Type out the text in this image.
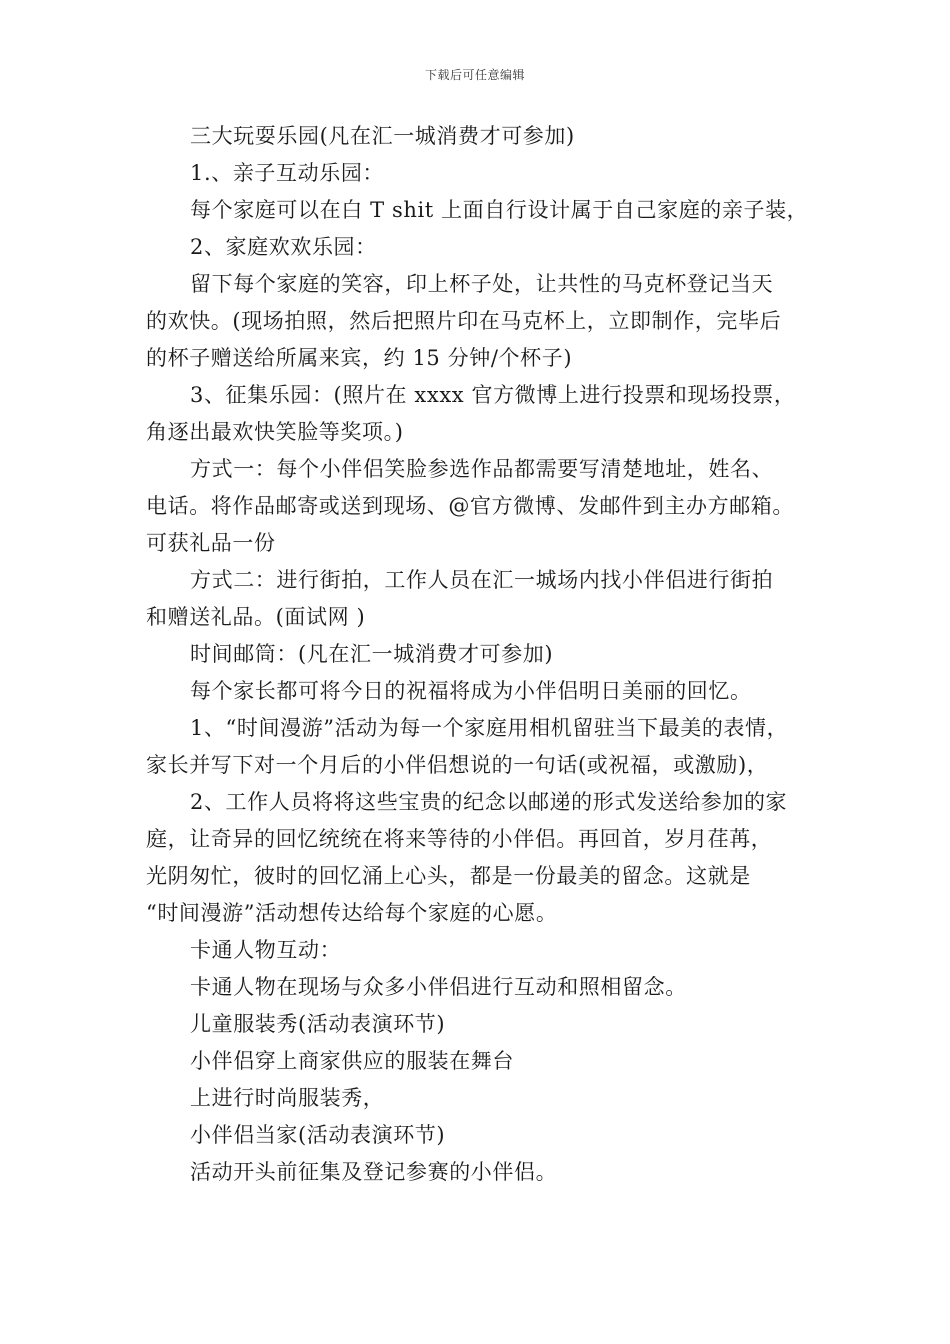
下载后可任意编辑

三大玩耍乐园(凡在汇一城消费才可参加)

1.、亲子互动乐园：

每个家庭可以在白 T shit 上面自行设计属于自己家庭的亲子装，

2、家庭欢欢乐园：

留下每个家庭的笑容，印上杯子处，让共性的马克杯登记当天

的欢快。(现场拍照，然后把照片印在马克杯上，立即制作，完毕后

的杯子赠送给所属来宾，约 15 分钟/个杯子)

3、征集乐园：(照片在 xxxx 官方微博上进行投票和现场投票，

角逐出最欢快笑脸等奖项。)

方式一：每个小伴侣笑脸参选作品都需要写清楚地址，姓名、

电话。将作品邮寄或送到现场、@官方微博、发邮件到主办方邮箱。

可获礼品一份

方式二：进行街拍，工作人员在汇一城场内找小伴侣进行街拍

和赠送礼品。(面试网 )

时间邮筒：(凡在汇一城消费才可参加)

每个家长都可将今日的祝福将成为小伴侣明日美丽的回忆。

1、“时间漫游”活动为每一个家庭用相机留驻当下最美的表情，

家长并写下对一个月后的小伴侣想说的一句话(或祝福，或激励)，

2、工作人员将将这些宝贵的纪念以邮递的形式发送给参加的家

庭，让奇异的回忆统统在将来等待的小伴侣。再回首，岁月荏苒，

光阴匆忙，彼时的回忆涌上心头，都是一份最美的留念。这就是

“时间漫游”活动想传达给每个家庭的心愿。

卡通人物互动：

卡通人物在现场与众多小伴侣进行互动和照相留念。

儿童服装秀(活动表演环节)

小伴侣穿上商家供应的服装在舞台

上进行时尚服装秀，

小伴侣当家(活动表演环节)

活动开头前征集及登记参赛的小伴侣。
